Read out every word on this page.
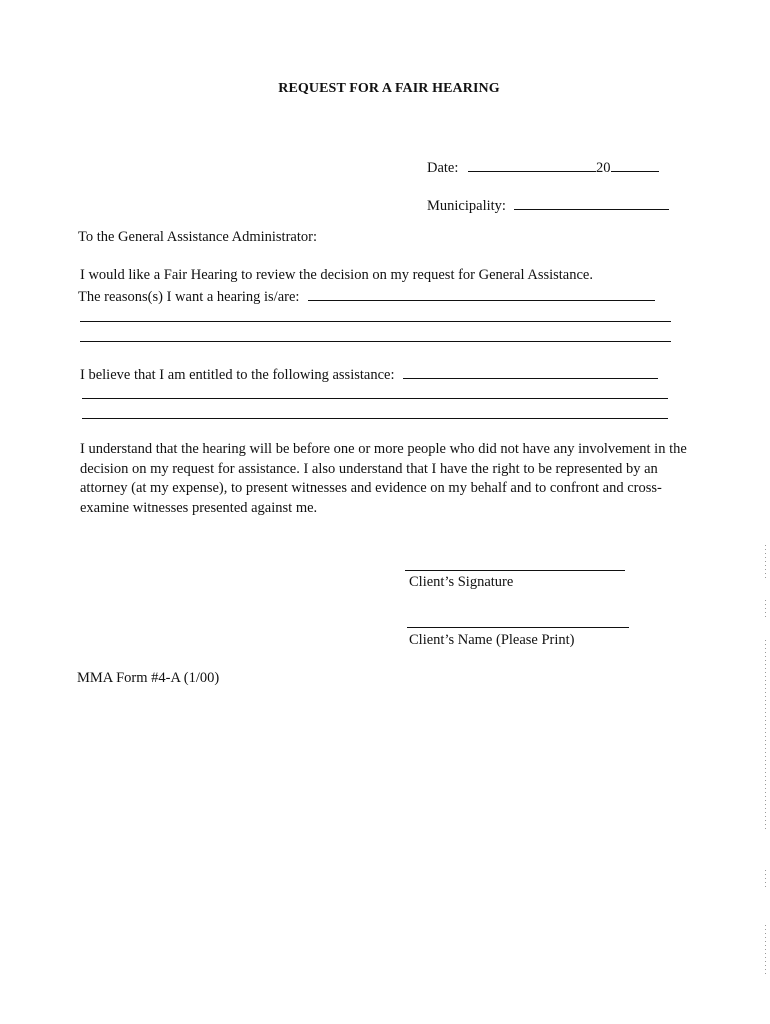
REQUEST FOR A FAIR HEARING
Date:	20
Municipality:
To the General Assistance Administrator:
I would like a Fair Hearing to review the decision on my request for General Assistance.
The reasons(s) I want a hearing is/are:
I believe that I am entitled to the following assistance:
I understand that the hearing will be before one or more people who did not have any involvement in the decision on my request for assistance. I also understand that I have the right to be represented by an attorney (at my expense), to present witnesses and evidence on my behalf and to confront and cross-examine witnesses presented against me.
Client’s Signature
Client’s Name (Please Print)
MMA Form #4-A (1/00)
